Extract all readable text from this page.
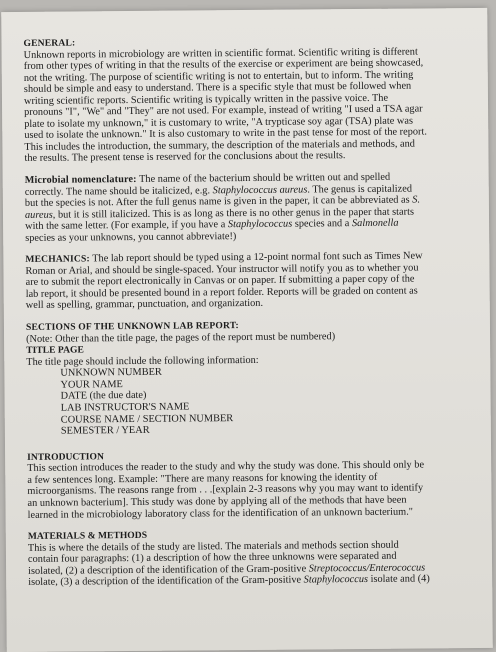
GENERAL:
Unknown reports in microbiology are written in scientific format. Scientific writing is different
from other types of writing in that the results of the exercise or experiment are being showcased,
not the writing. The purpose of scientific writing is not to entertain, but to inform. The writing
should be simple and easy to understand. There is a specific style that must be followed when
writing scientific reports. Scientific writing is typically written in the passive voice. The
pronouns "I", "We" and "They" are not used. For example, instead of writing "I used a TSA agar
plate to isolate my unknown," it is customary to write, "A trypticase soy agar (TSA) plate was
used to isolate the unknown." It is also customary to write in the past tense for most of the report.
This includes the introduction, the summary, the description of the materials and methods, and
the results. The present tense is reserved for the conclusions about the results.
Microbial nomenclature: The name of the bacterium should be written out and spelled
correctly. The name should be italicized, e.g. Staphylococcus aureus. The genus is capitalized
but the species is not. After the full genus name is given in the paper, it can be abbreviated as S.
aureus, but it is still italicized. This is as long as there is no other genus in the paper that starts
with the same letter. (For example, if you have a Staphylococcus species and a Salmonella
species as your unknowns, you cannot abbreviate!)
MECHANICS: The lab report should be typed using a 12-point normal font such as Times New
Roman or Arial, and should be single-spaced. Your instructor will notify you as to whether you
are to submit the report electronically in Canvas or on paper. If submitting a paper copy of the
lab report, it should be presented bound in a report folder. Reports will be graded on content as
well as spelling, grammar, punctuation, and organization.
SECTIONS OF THE UNKNOWN LAB REPORT:
(Note: Other than the title page, the pages of the report must be numbered)
TITLE PAGE
The title page should include the following information:
UNKNOWN NUMBER
YOUR NAME
DATE (the due date)
LAB INSTRUCTOR'S NAME
COURSE NAME / SECTION NUMBER
SEMESTER / YEAR
INTRODUCTION
This section introduces the reader to the study and why the study was done. This should only be
a few sentences long. Example: "There are many reasons for knowing the identity of
microorganisms. The reasons range from . . .[explain 2-3 reasons why you may want to identify
an unknown bacterium]. This study was done by applying all of the methods that have been
learned in the microbiology laboratory class for the identification of an unknown bacterium."
MATERIALS & METHODS
This is where the details of the study are listed. The materials and methods section should
contain four paragraphs: (1) a description of how the three unknowns were separated and
isolated, (2) a description of the identification of the Gram-positive Streptococcus/Enterococcus
isolate, (3) a description of the identification of the Gram-positive Staphylococcus isolate and (4)
